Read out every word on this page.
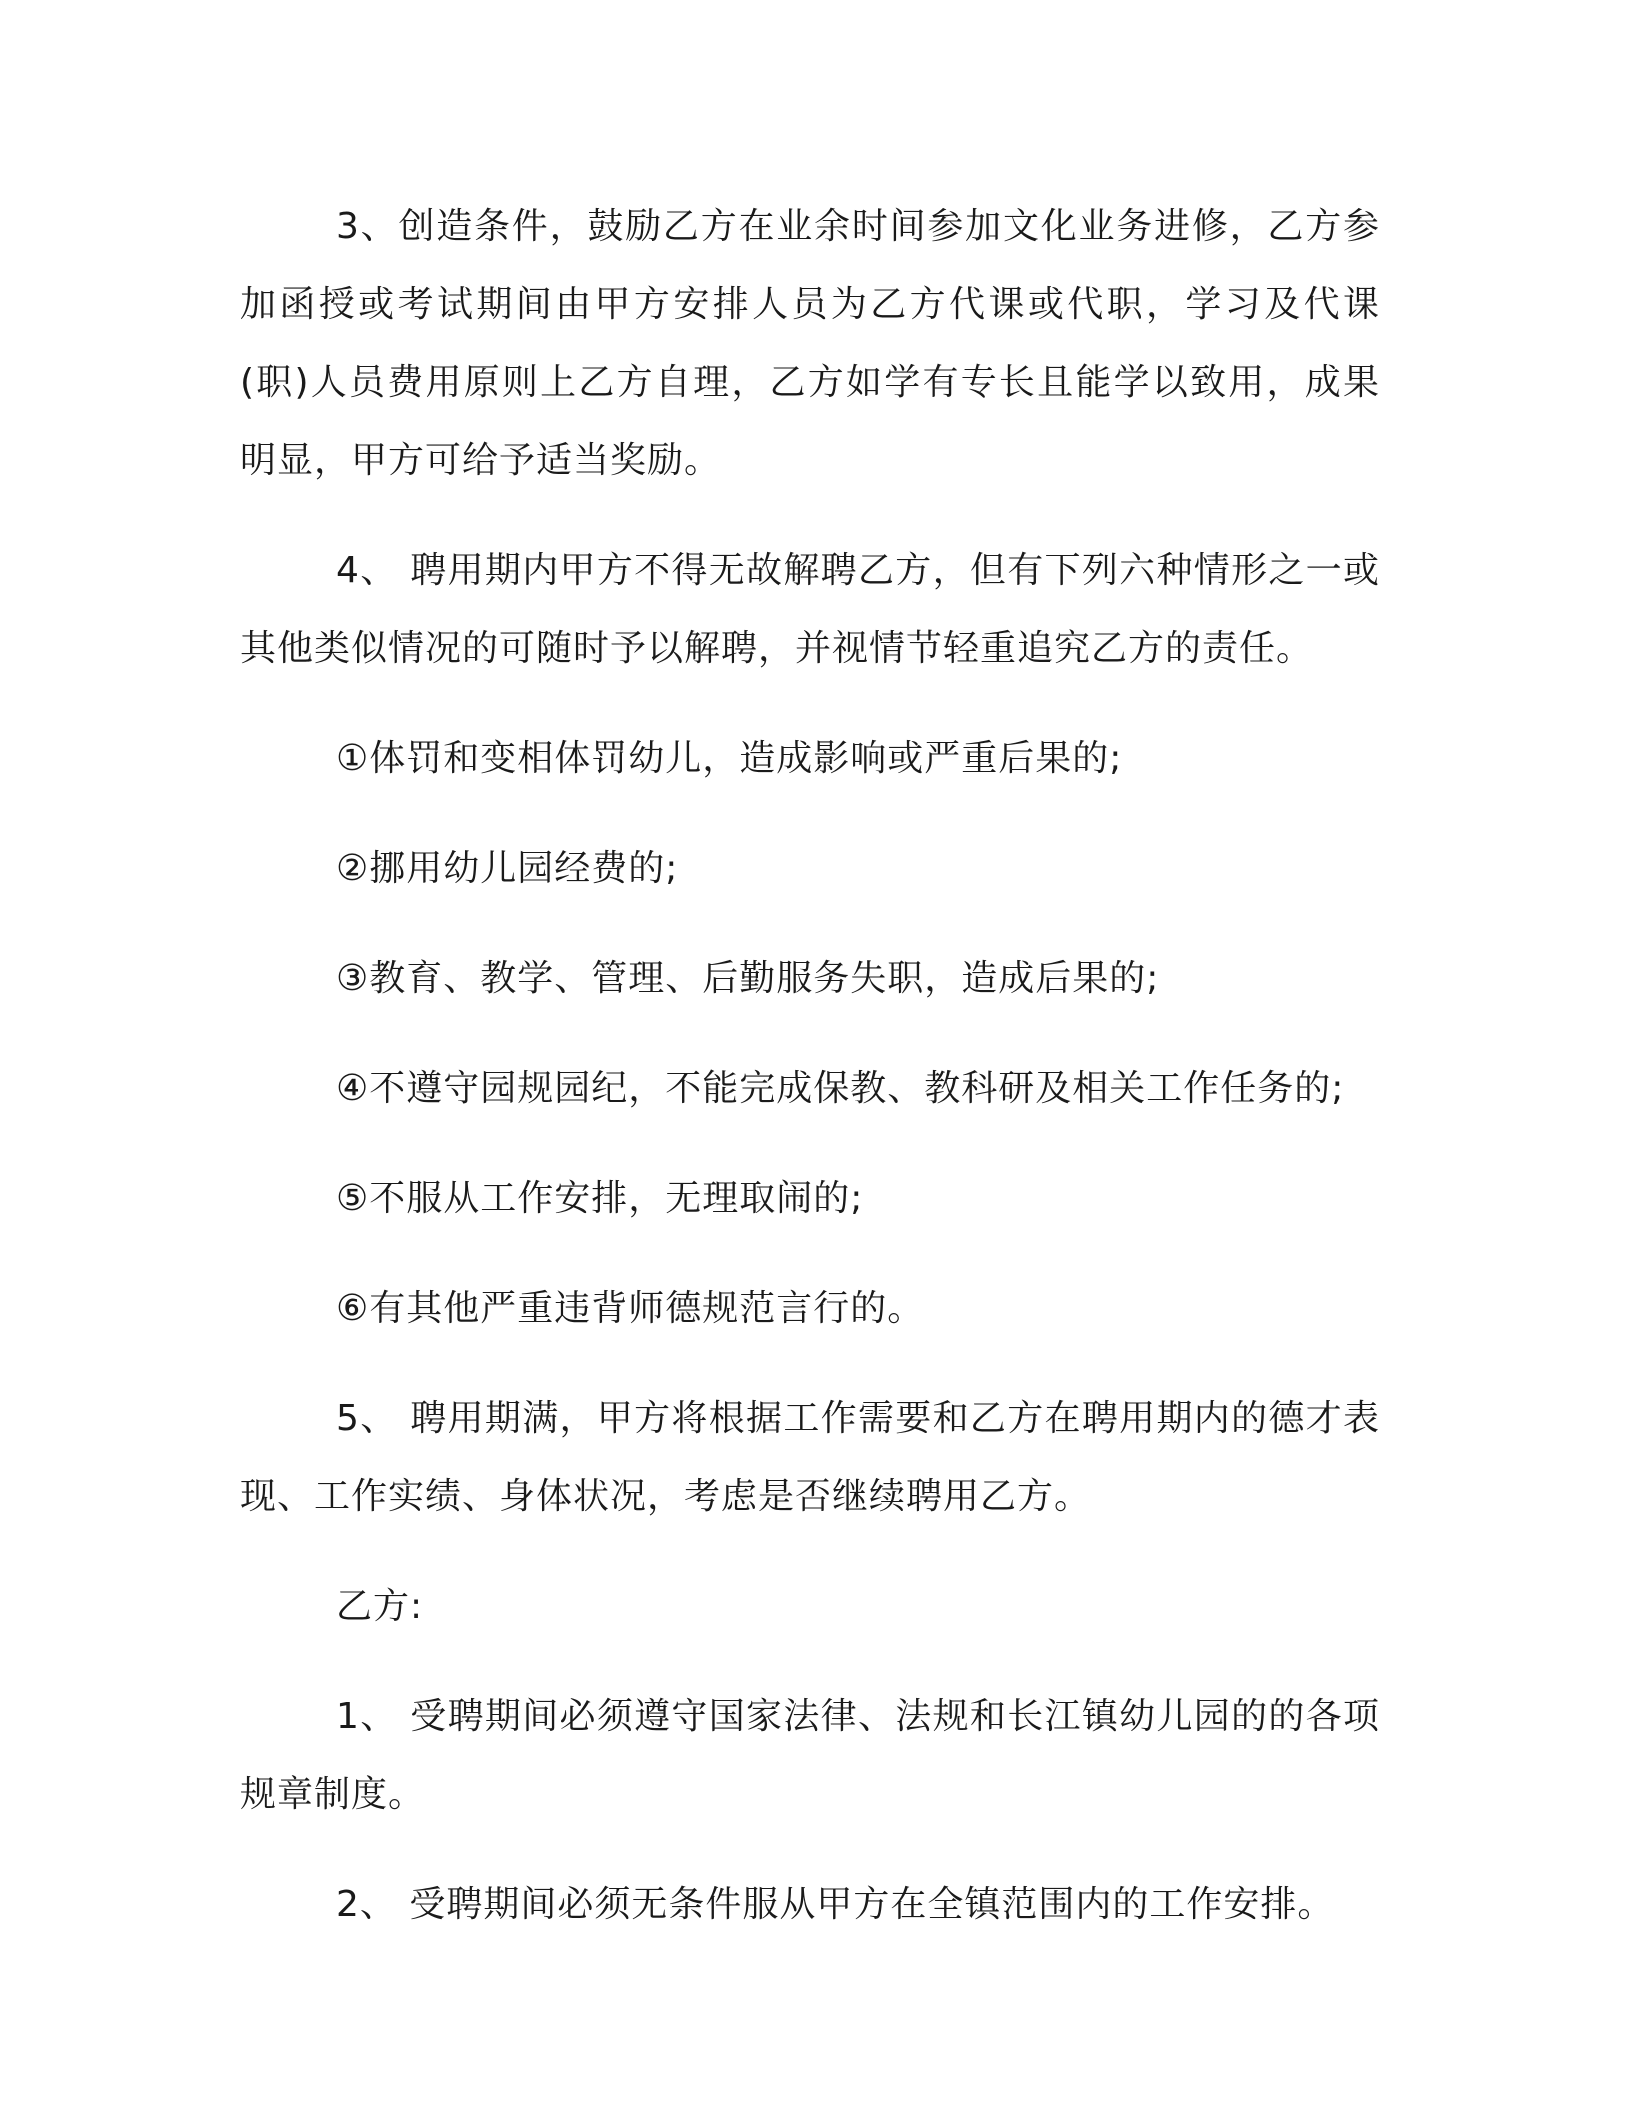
3、创造条件，鼓励乙方在业余时间参加文化业务进修，乙方参加函授或考试期间由甲方安排人员为乙方代课或代职，学习及代课(职)人员费用原则上乙方自理，乙方如学有专长且能学以致用，成果明显，甲方可给予适当奖励。

4、 聘用期内甲方不得无故解聘乙方，但有下列六种情形之一或其他类似情况的可随时予以解聘，并视情节轻重追究乙方的责任。

①体罚和变相体罚幼儿，造成影响或严重后果的;

②挪用幼儿园经费的;

③教育、教学、管理、后勤服务失职，造成后果的;

④不遵守园规园纪，不能完成保教、教科研及相关工作任务的;

⑤不服从工作安排，无理取闹的;

⑥有其他严重违背师德规范言行的。

5、 聘用期满，甲方将根据工作需要和乙方在聘用期内的德才表现、工作实绩、身体状况，考虑是否继续聘用乙方。

乙方:

1、 受聘期间必须遵守国家法律、法规和长江镇幼儿园的的各项规章制度。

2、 受聘期间必须无条件服从甲方在全镇范围内的工作安排。
